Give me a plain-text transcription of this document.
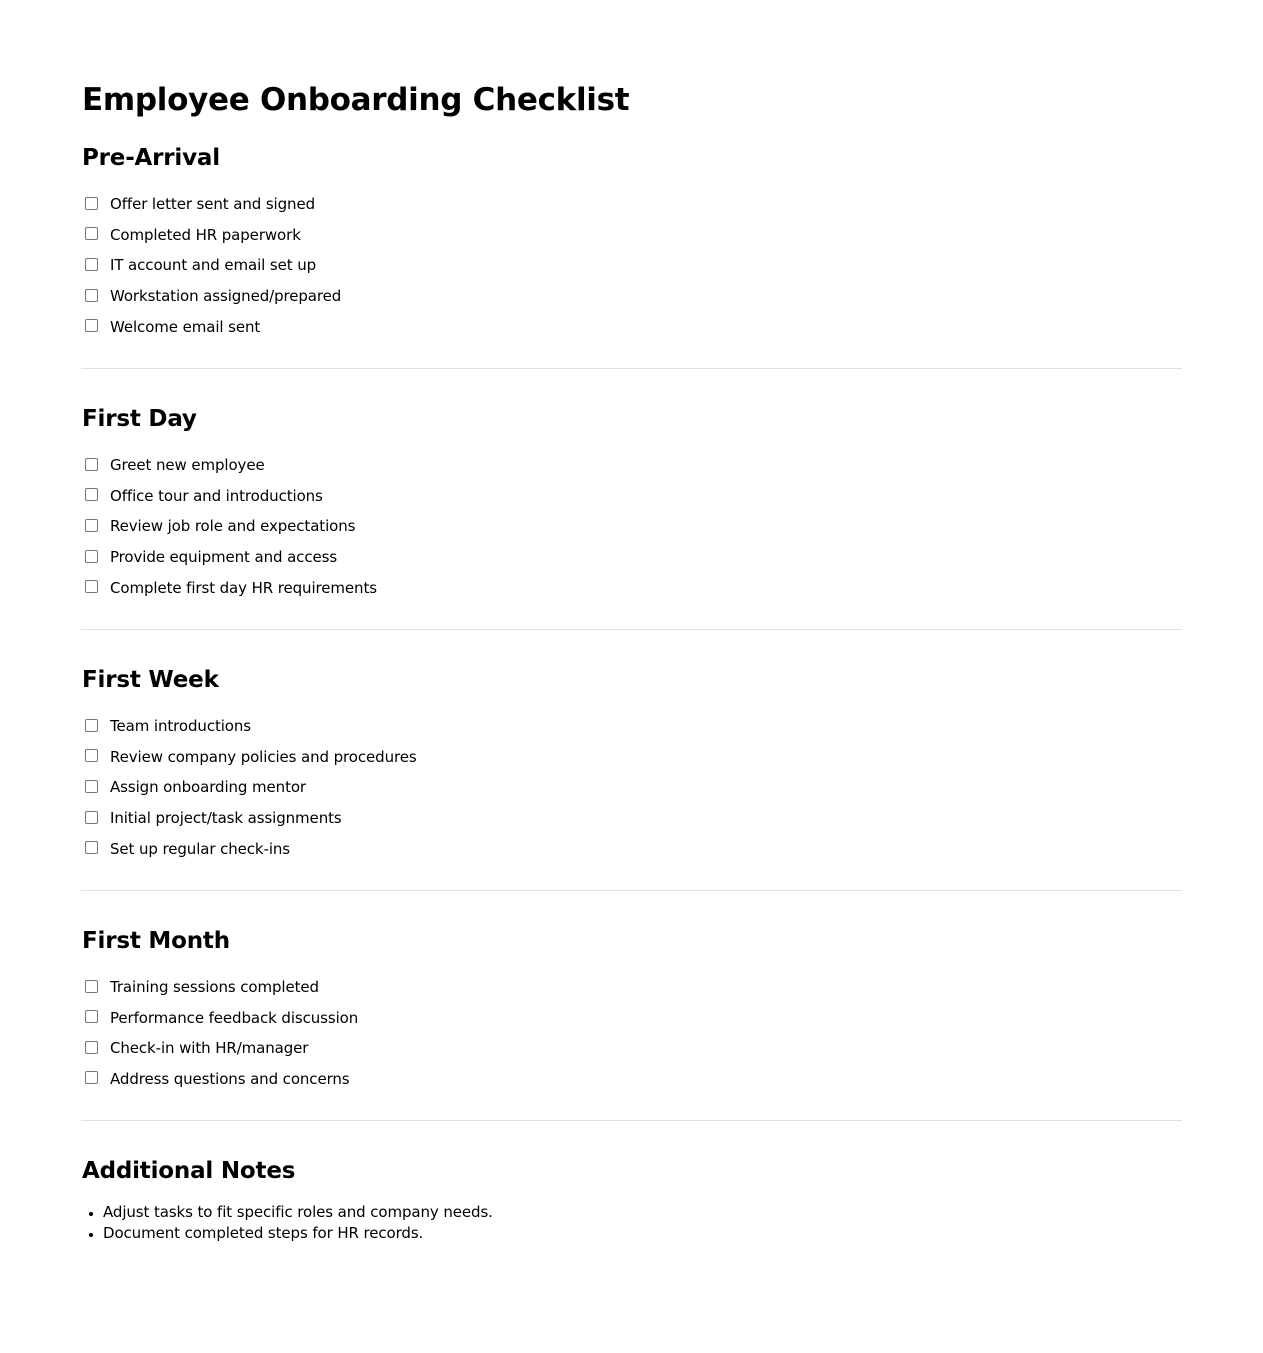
Employee Onboarding Checklist
Pre-Arrival
Offer letter sent and signed
Completed HR paperwork
IT account and email set up
Workstation assigned/prepared
Welcome email sent
First Day
Greet new employee
Office tour and introductions
Review job role and expectations
Provide equipment and access
Complete first day HR requirements
First Week
Team introductions
Review company policies and procedures
Assign onboarding mentor
Initial project/task assignments
Set up regular check-ins
First Month
Training sessions completed
Performance feedback discussion
Check-in with HR/manager
Address questions and concerns
Additional Notes
• Adjust tasks to fit specific roles and company needs.
• Document completed steps for HR records.
